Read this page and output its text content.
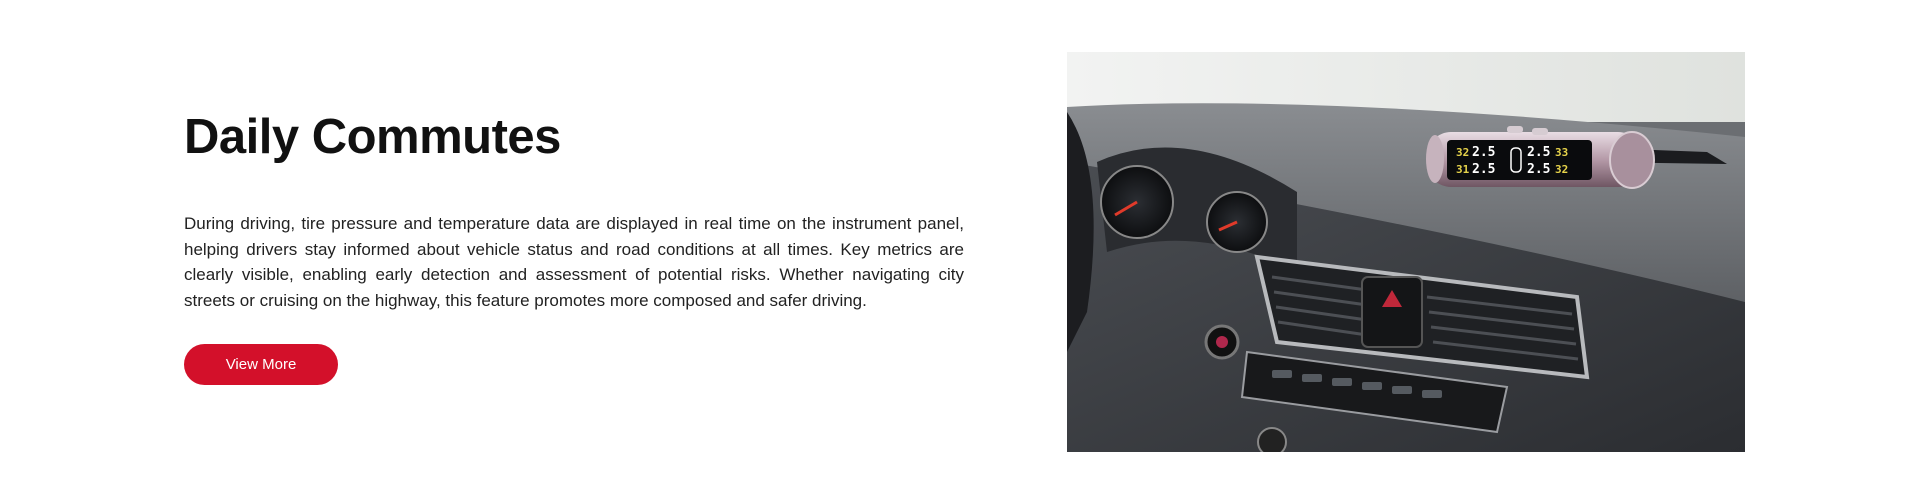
Daily Commutes

During driving, tire pressure and temperature data are displayed in real time on the instrument panel, helping drivers stay informed about vehicle status and road conditions at all times. Key metrics are clearly visible, enabling early detection and assessment of potential risks. Whether navigating city streets or cruising on the highway, this feature promotes more composed and safer driving.

View More
32 2.5
31 2.5
2.5 33
2.5 32
